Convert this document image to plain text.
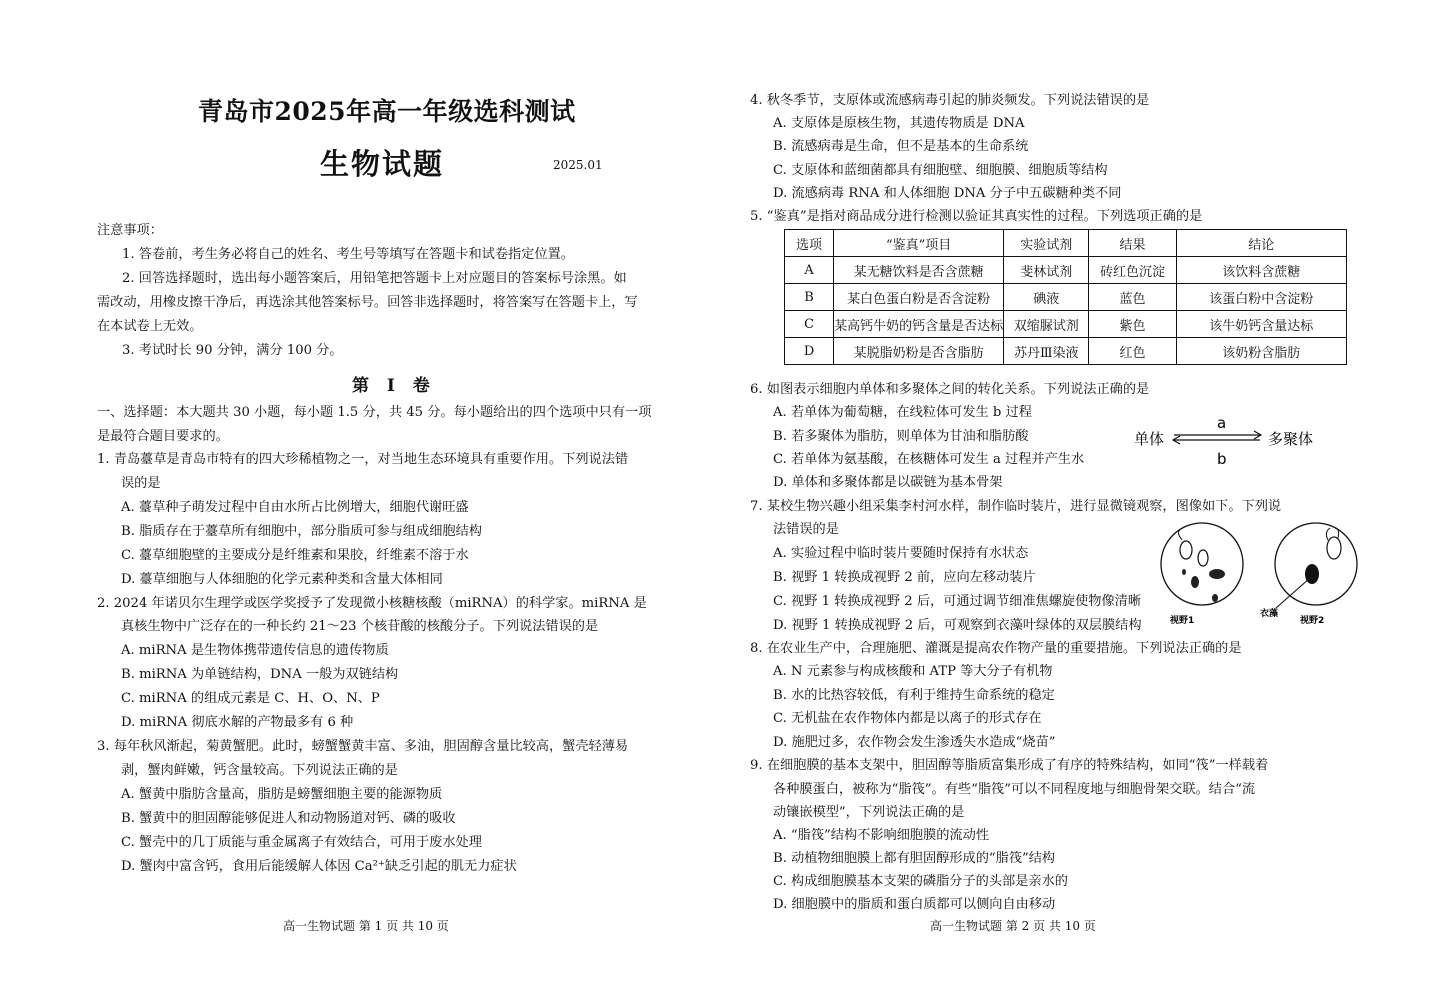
青岛市2025年高一年级选科测试
生物试题	2025.01
注意事项：
1. 答卷前，考生务必将自己的姓名、考生号等填写在答题卡和试卷指定位置。
2. 回答选择题时，选出每小题答案后，用铅笔把答题卡上对应题目的答案标号涂黑。如
需改动，用橡皮擦干净后，再选涂其他答案标号。回答非选择题时，将答案写在答题卡上，写
在本试卷上无效。
3. 考试时长 90 分钟，满分 100 分。
第 Ⅰ 卷
一、选择题：本大题共 30 小题，每小题 1.5 分，共 45 分。每小题给出的四个选项中只有一项
是最符合题目要求的。
1. 青岛薹草是青岛市特有的四大珍稀植物之一，对当地生态环境具有重要作用。下列说法错
误的是
A. 薹草种子萌发过程中自由水所占比例增大，细胞代谢旺盛
B. 脂质存在于薹草所有细胞中，部分脂质可参与组成细胞结构
C. 薹草细胞壁的主要成分是纤维素和果胶，纤维素不溶于水
D. 薹草细胞与人体细胞的化学元素种类和含量大体相同
2. 2024 年诺贝尔生理学或医学奖授予了发现微小核糖核酸（miRNA）的科学家。miRNA 是
真核生物中广泛存在的一种长约 21～23 个核苷酸的核酸分子。下列说法错误的是
A. miRNA 是生物体携带遗传信息的遗传物质
B. miRNA 为单链结构，DNA 一般为双链结构
C. miRNA 的组成元素是 C、H、O、N、P
D. miRNA 彻底水解的产物最多有 6 种
3. 每年秋风渐起，菊黄蟹肥。此时，螃蟹蟹黄丰富、多油，胆固醇含量比较高，蟹壳轻薄易
剥，蟹肉鲜嫩，钙含量较高。下列说法正确的是
A. 蟹黄中脂肪含量高，脂肪是螃蟹细胞主要的能源物质
B. 蟹黄中的胆固醇能够促进人和动物肠道对钙、磷的吸收
C. 蟹壳中的几丁质能与重金属离子有效结合，可用于废水处理
D. 蟹肉中富含钙，食用后能缓解人体因 Ca²⁺缺乏引起的肌无力症状
高一生物试题 第 1 页 共 10 页
4. 秋冬季节，支原体或流感病毒引起的肺炎频发。下列说法错误的是
A. 支原体是原核生物，其遗传物质是 DNA
B. 流感病毒是生命，但不是基本的生命系统
C. 支原体和蓝细菌都具有细胞壁、细胞膜、细胞质等结构
D. 流感病毒 RNA 和人体细胞 DNA 分子中五碳糖种类不同
5. “鉴真”是指对商品成分进行检测以验证其真实性的过程。下列选项正确的是
选项	“鉴真”项目	实验试剂	结果	结论
A	某无糖饮料是否含蔗糖	斐林试剂	砖红色沉淀	该饮料含蔗糖
B	某白色蛋白粉是否含淀粉	碘液	蓝色	该蛋白粉中含淀粉
C	某高钙牛奶的钙含量是否达标	双缩脲试剂	紫色	该牛奶钙含量达标
D	某脱脂奶粉是否含脂肪	苏丹Ⅲ染液	红色	该奶粉含脂肪
6. 如图表示细胞内单体和多聚体之间的转化关系。下列说法正确的是
A. 若单体为葡萄糖，在线粒体可发生 b 过程
B. 若多聚体为脂肪，则单体为甘油和脂肪酸
C. 若单体为氨基酸，在核糖体可发生 a 过程并产生水
D. 单体和多聚体都是以碳链为基本骨架
单体	多聚体
a
b
7. 某校生物兴趣小组采集李村河水样，制作临时装片，进行显微镜观察，图像如下。下列说
法错误的是
A. 实验过程中临时装片要随时保持有水状态
B. 视野 1 转换成视野 2 前，应向左移动装片
C. 视野 1 转换成视野 2 后，可通过调节细准焦螺旋使物像清晰
D. 视野 1 转换成视野 2 后，可观察到衣藻叶绿体的双层膜结构	视野1
衣藻
视野2
8. 在农业生产中，合理施肥、灌溉是提高农作物产量的重要措施。下列说法正确的是
A. N 元素参与构成核酸和 ATP 等大分子有机物
B. 水的比热容较低，有利于维持生命系统的稳定
C. 无机盐在农作物体内都是以离子的形式存在
D. 施肥过多，农作物会发生渗透失水造成“烧苗”
9. 在细胞膜的基本支架中，胆固醇等脂质富集形成了有序的特殊结构，如同“筏”一样载着
各种膜蛋白，被称为“脂筏”。有些“脂筏”可以不同程度地与细胞骨架交联。结合“流
动镶嵌模型”，下列说法正确的是
A. “脂筏”结构不影响细胞膜的流动性
B. 动植物细胞膜上都有胆固醇形成的“脂筏”结构
C. 构成细胞膜基本支架的磷脂分子的头部是亲水的
D. 细胞膜中的脂质和蛋白质都可以侧向自由移动
高一生物试题 第 2 页 共 10 页
